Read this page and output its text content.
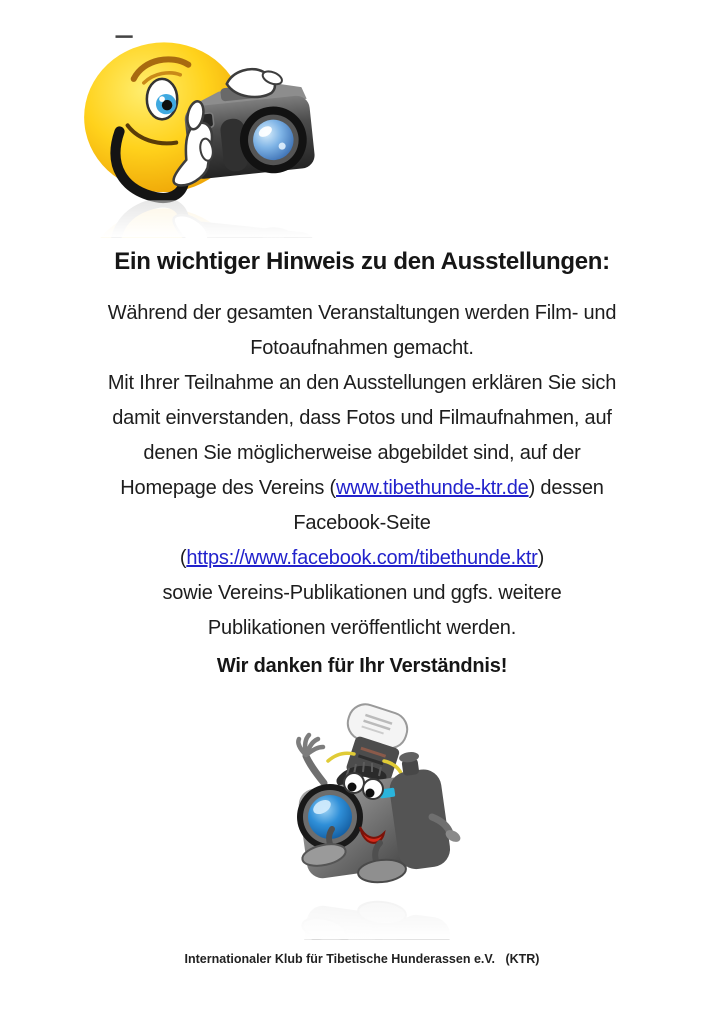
Ein wichtiger Hinweis zu den Ausstellungen:
Während der gesamten Veranstaltungen werden Film- und
Fotoaufnahmen gemacht.
Mit Ihrer Teilnahme an den Ausstellungen erklären Sie sich
damit einverstanden, dass Fotos und Filmaufnahmen, auf
denen Sie möglicherweise abgebildet sind, auf der
Homepage des Vereins (www.tibethunde-ktr.de) dessen
Facebook-Seite
(https://www.facebook.com/tibethunde.ktr)
sowie Vereins-Publikationen und ggfs. weitere
Publikationen veröffentlicht werden.
Wir danken für Ihr Verständnis!
Internationaler Klub für Tibetische Hunderassen e.V.   (KTR)
